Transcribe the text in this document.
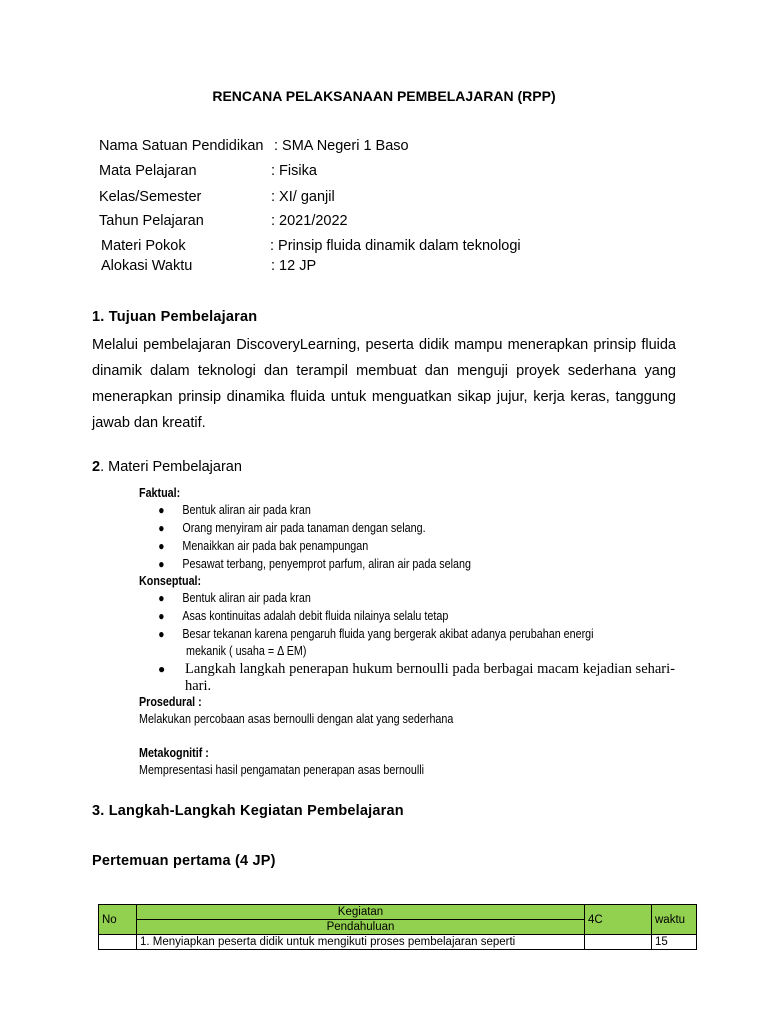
RENCANA PELAKSANAAN PEMBELAJARAN (RPP)
Nama Satuan Pendidikan : SMA Negeri 1 Baso
Mata Pelajaran	: Fisika
Kelas/Semester	: XI/ ganjil
Tahun Pelajaran	: 2021/2022
Materi Pokok	: Prinsip fluida dinamik dalam teknologi
Alokasi Waktu	: 12 JP
1. Tujuan Pembelajaran
Melalui pembelajaran DiscoveryLearning, peserta didik mampu menerapkan prinsip fluida dinamik dalam teknologi dan terampil membuat dan menguji proyek sederhana yang menerapkan prinsip dinamika fluida untuk menguatkan sikap jujur, kerja keras, tanggung jawab dan kreatif.
2. Materi Pembelajaran
Faktual:
● Bentuk aliran air pada kran
● Orang menyiram air pada tanaman dengan selang.
● Menaikkan air pada bak penampungan
● Pesawat terbang, penyemprot parfum, aliran air pada selang
Konseptual:
● Bentuk aliran air pada kran
● Asas kontinuitas adalah debit fluida nilainya selalu tetap
● Besar tekanan karena pengaruh fluida yang bergerak akibat adanya perubahan energi
mekanik ( usaha = Δ EM)
● Langkah langkah penerapan hukum bernoulli pada berbagai macam kejadian sehari-hari.
Prosedural :
Melakukan percobaan asas bernoulli dengan alat yang sederhana
Metakognitif :
Mempresentasi hasil pengamatan penerapan asas bernoulli
3. Langkah-Langkah Kegiatan Pembelajaran
Pertemuan pertama (4 JP)
No	Kegiatan	4C	waktu
	Pendahuluan		
	1. Menyiapkan peserta didik untuk mengikuti proses pembelajaran seperti		15
